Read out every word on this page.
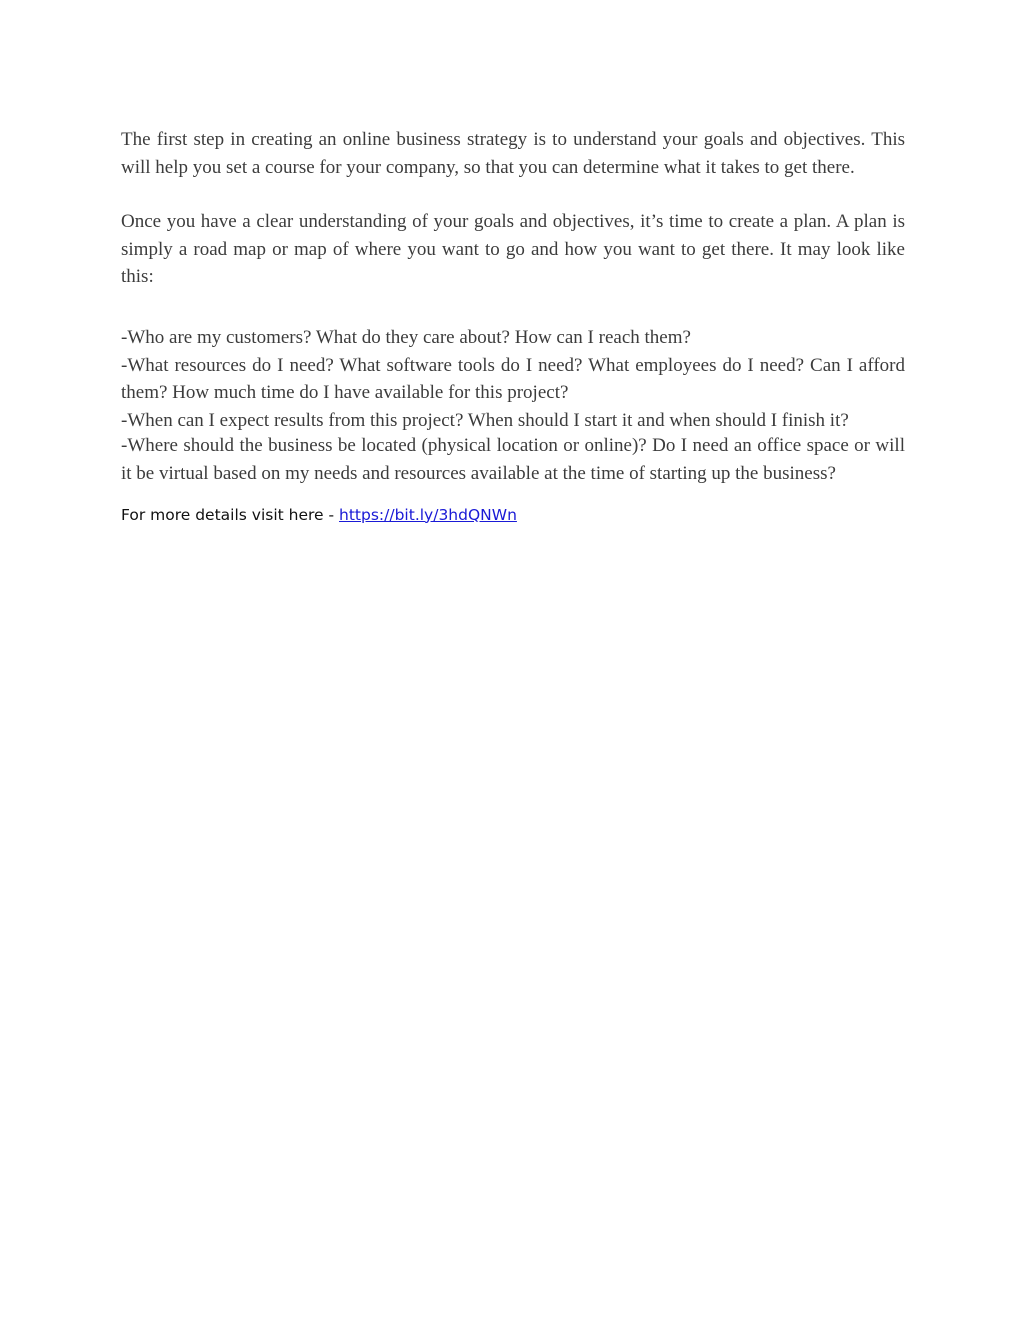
The first step in creating an online business strategy is to understand your goals and objectives. This will help you set a course for your company, so that you can determine what it takes to get there.

Once you have a clear understanding of your goals and objectives, it’s time to create a plan. A plan is simply a road map or map of where you want to go and how you want to get there. It may look like this:

-Who are my customers? What do they care about? How can I reach them?

-What resources do I need? What software tools do I need? What employees do I need? Can I afford them? How much time do I have available for this project?

-When can I expect results from this project? When should I start it and when should I finish it?

-Where should the business be located (physical location or online)? Do I need an office space or will it be virtual based on my needs and resources available at the time of starting up the business?

For more details visit here - https://bit.ly/3hdQNWn
